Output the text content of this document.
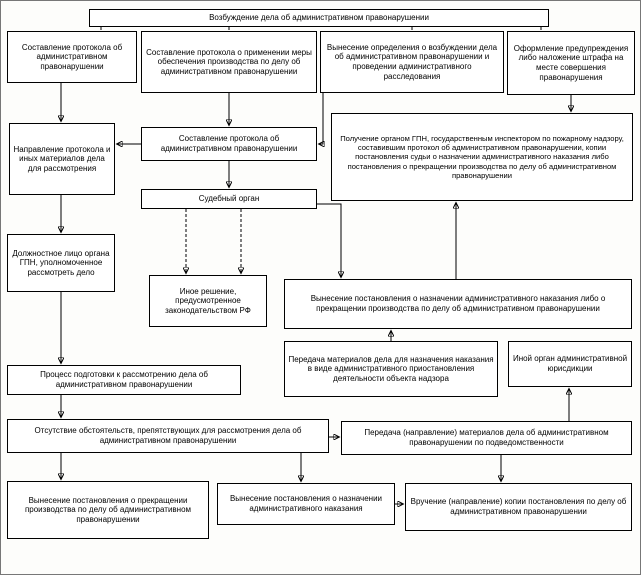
Возбуждение дела об административном правонарушении
Составление протокола об административном правонарушении
Составление протокола о применении меры обеспечения производства по делу об административном правонарушении
Вынесение определения о возбуждении дела об административном правонарушении и проведении административного расследования
Оформление предупреждения либо наложение штрафа на месте совершения правонарушения
Направление протокола и иных материалов дела для рассмотрения
Составление протокола об административном правонарушении
Получение органом ГПН, государственным инспектором по пожарному надзору, составившим протокол об административном правонарушении, копии постановления судьи о назначении административного наказания либо постановления о прекращении производства по делу об административном правонарушении
Судебный орган
Должностное лицо органа ГПН, уполномоченное рассмотреть дело
Иное решение, предусмотренное законодательством РФ
Вынесение постановления о назначении административного наказания либо о прекращении производства по делу об административном правонарушении
Передача материалов дела для назначения наказания в виде административного приостановления деятельности объекта надзора
Иной орган административной юрисдикции
Процесс подготовки к рассмотрению дела об административном правонарушении
Отсутствие обстоятельств, препятствующих для рассмотрения дела об административном правонарушении
Передача (направление) материалов дела об административном правонарушении по подведомственности
Вынесение постановления о прекращении производства по делу об административном правонарушении
Вынесение постановления о назначении административного наказания
Вручение (направление) копии постановления по делу об административном правонарушении
